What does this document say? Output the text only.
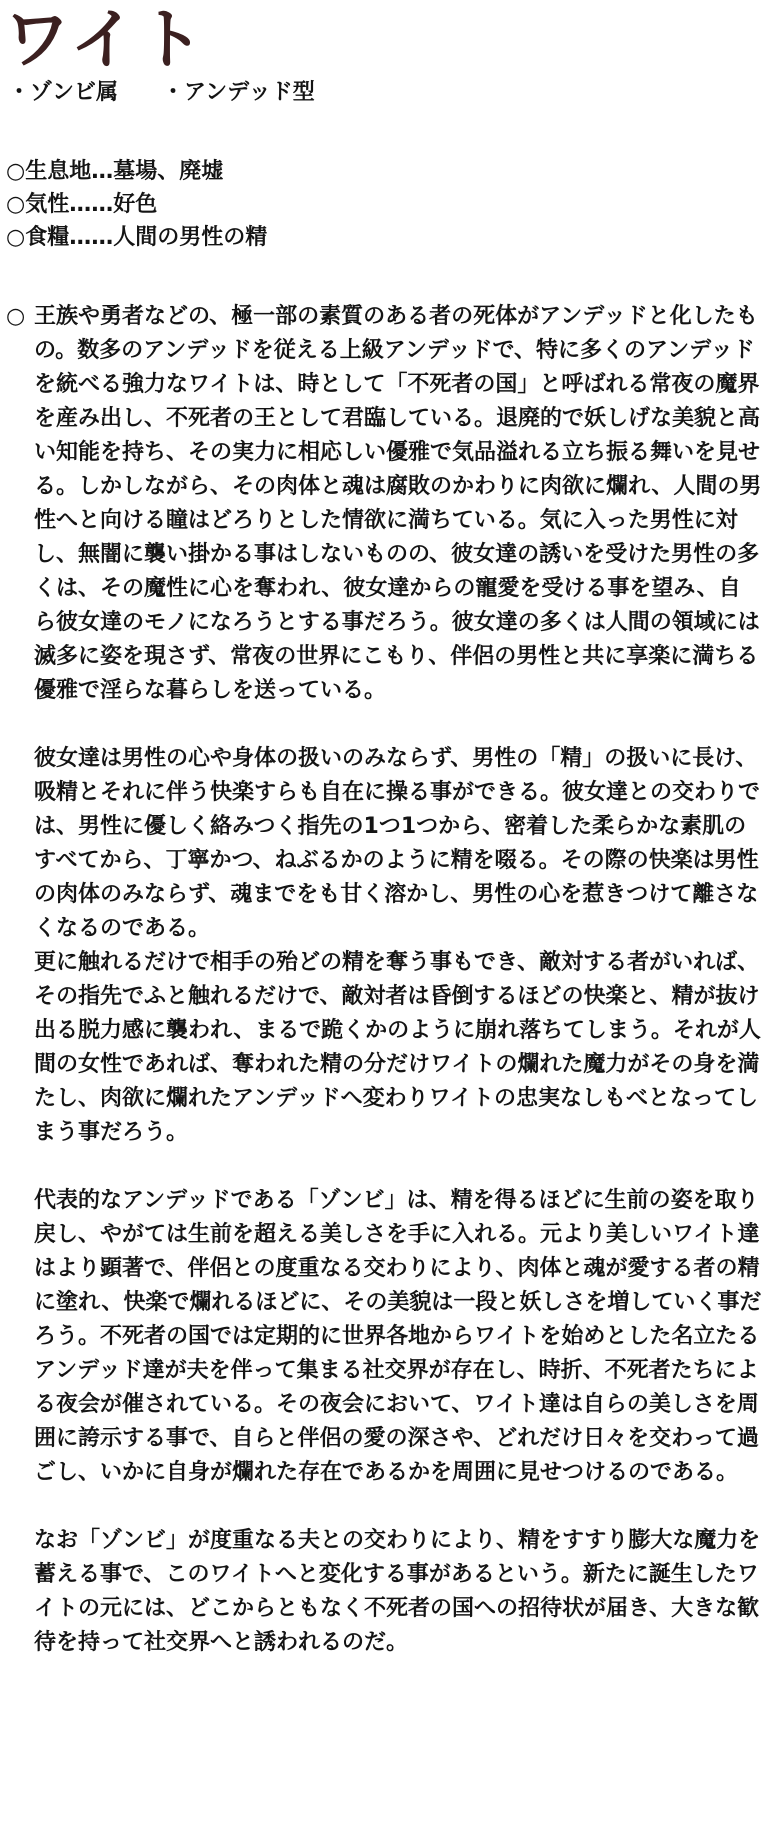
ワイト
・ゾンビ属 ・アンデッド型
○生息地…墓場、廃墟
○気性……好色
○食糧……人間の男性の精
○ 王族や勇者などの、極一部の素質のある者の死体がアンデッドと化したもの。数多のアンデッドを従える上級アンデッドで、特に多くのアンデッドを統べる強力なワイトは、時として「不死者の国」と呼ばれる常夜の魔界を産み出し、不死者の王として君臨している。退廃的で妖しげな美貌と高い知能を持ち、その実力に相応しい優雅で気品溢れる立ち振る舞いを見せる。しかしながら、その肉体と魂は腐敗のかわりに肉欲に爛れ、人間の男性へと向ける瞳はどろりとした情欲に満ちている。気に入った男性に対し、無闇に襲い掛かる事はしないものの、彼女達の誘いを受けた男性の多くは、その魔性に心を奪われ、彼女達からの寵愛を受ける事を望み、自ら彼女達のモノになろうとする事だろう。彼女達の多くは人間の領域には滅多に姿を現さず、常夜の世界にこもり、伴侶の男性と共に享楽に満ちる優雅で淫らな暮らしを送っている。
彼女達は男性の心や身体の扱いのみならず、男性の「精」の扱いに長け、吸精とそれに伴う快楽すらも自在に操る事ができる。彼女達との交わりでは、男性に優しく絡みつく指先の1つ1つから、密着した柔らかな素肌のすべてから、丁寧かつ、ねぶるかのように精を啜る。その際の快楽は男性の肉体のみならず、魂までをも甘く溶かし、男性の心を惹きつけて離さなくなるのである。
更に触れるだけで相手の殆どの精を奪う事もでき、敵対する者がいれば、その指先でふと触れるだけで、敵対者は昏倒するほどの快楽と、精が抜け出る脱力感に襲われ、まるで跪くかのように崩れ落ちてしまう。それが人間の女性であれば、奪われた精の分だけワイトの爛れた魔力がその身を満たし、肉欲に爛れたアンデッドへ変わりワイトの忠実なしもべとなってしまう事だろう。
代表的なアンデッドである「ゾンビ」は、精を得るほどに生前の姿を取り戻し、やがては生前を超える美しさを手に入れる。元より美しいワイト達はより顕著で、伴侶との度重なる交わりにより、肉体と魂が愛する者の精に塗れ、快楽で爛れるほどに、その美貌は一段と妖しさを増していく事だろう。不死者の国では定期的に世界各地からワイトを始めとした名立たるアンデッド達が夫を伴って集まる社交界が存在し、時折、不死者たちによる夜会が催されている。その夜会において、ワイト達は自らの美しさを周囲に誇示する事で、自らと伴侶の愛の深さや、どれだけ日々を交わって過ごし、いかに自身が爛れた存在であるかを周囲に見せつけるのである。
なお「ゾンビ」が度重なる夫との交わりにより、精をすすり膨大な魔力を蓄える事で、このワイトへと変化する事があるという。新たに誕生したワイトの元には、どこからともなく不死者の国への招待状が届き、大きな歓待を持って社交界へと誘われるのだ。
